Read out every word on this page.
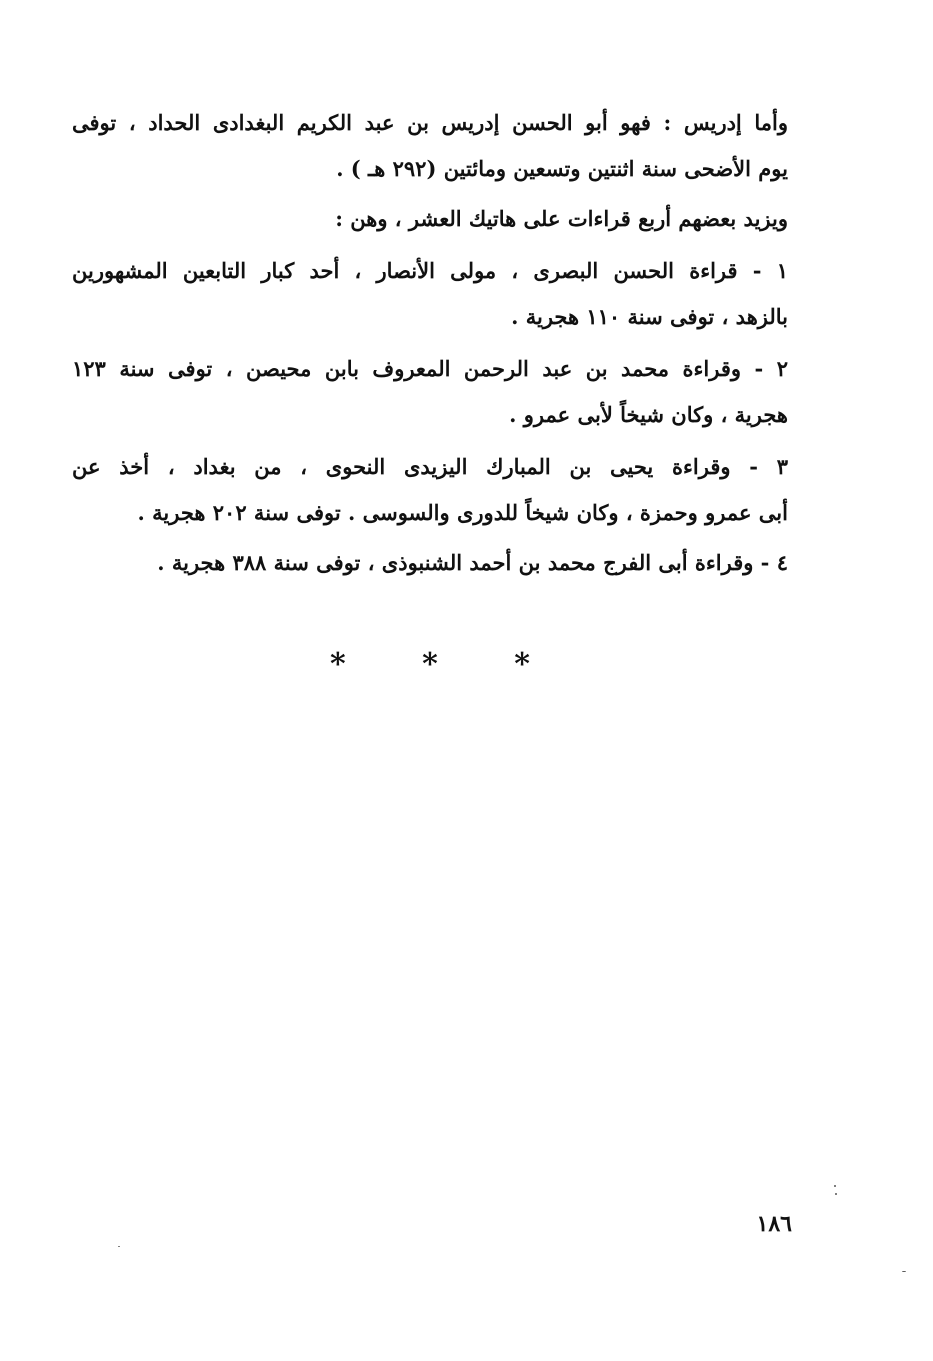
وأما إدريس : فهو أبو الحسن إدريس بن عبد الكريم البغدادى الحداد ، توفى
يوم الأضحى سنة اثنتين وتسعين ومائتين (٢٩٢ هـ ) .
ويزيد بعضهم أربع قراءات على هاتيك العشر ، وهن :
١ - قراءة الحسن البصرى ، مولى الأنصار ، أحد كبار التابعين المشهورين
بالزهد ، توفى سنة ١١٠ هجرية .
٢ - وقراءة محمد بن عبد الرحمن المعروف بابن محيصن ، توفى سنة ١٢٣
هجرية ، وكان شيخاً لأبى عمرو .
٣ - وقراءة يحيى بن المبارك اليزيدى النحوى ، من بغداد ، أخذ عن
أبى عمرو وحمزة ، وكان شيخاً للدورى والسوسى . توفى سنة ٢٠٢ هجرية .
٤ - وقراءة أبى الفرج محمد بن أحمد الشنبوذى ، توفى سنة ٣٨٨ هجرية .
*	*	*
١٨٦
